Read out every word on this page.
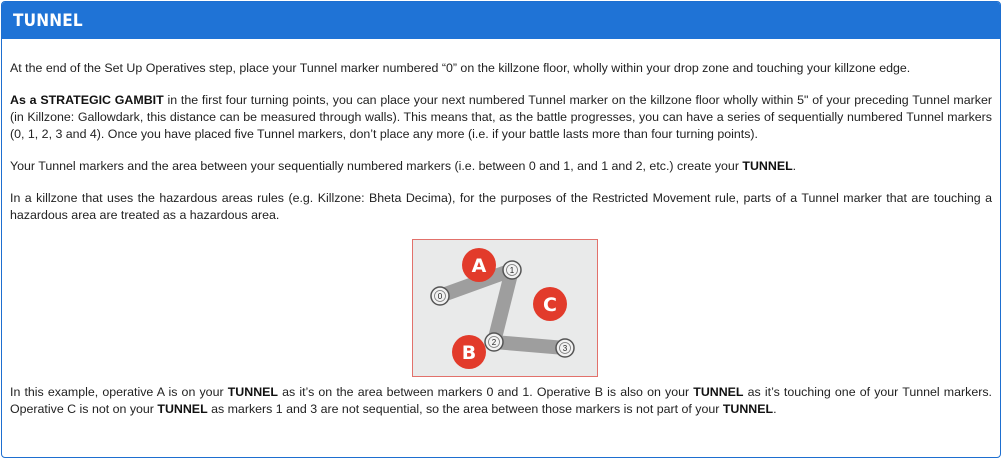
TUNNEL

At the end of the Set Up Operatives step, place your Tunnel marker numbered “0” on the killzone floor, wholly within your drop zone and touching your killzone edge.

As a STRATEGIC GAMBIT in the first four turning points, you can place your next numbered Tunnel marker on the killzone floor wholly within 5" of your preceding Tunnel marker (in Killzone: Gallowdark, this distance can be measured through walls). This means that, as the battle progresses, you can have a series of sequentially numbered Tunnel markers (0, 1, 2, 3 and 4). Once you have placed five Tunnel markers, don’t place any more (i.e. if your battle lasts more than four turning points).

Your Tunnel markers and the area between your sequentially numbered markers (i.e. between 0 and 1, and 1 and 2, etc.) create your TUNNEL.

In a killzone that uses the hazardous areas rules (e.g. Killzone: Bheta Decima), for the purposes of the Restricted Movement rule, parts of a Tunnel marker that are touching a hazardous area are treated as a hazardous area.

0
1
2
3
A
B
C

In this example, operative A is on your TUNNEL as it’s on the area between markers 0 and 1. Operative B is also on your TUNNEL as it’s touching one of your Tunnel markers. Operative C is not on your TUNNEL as markers 1 and 3 are not sequential, so the area between those markers is not part of your TUNNEL.
